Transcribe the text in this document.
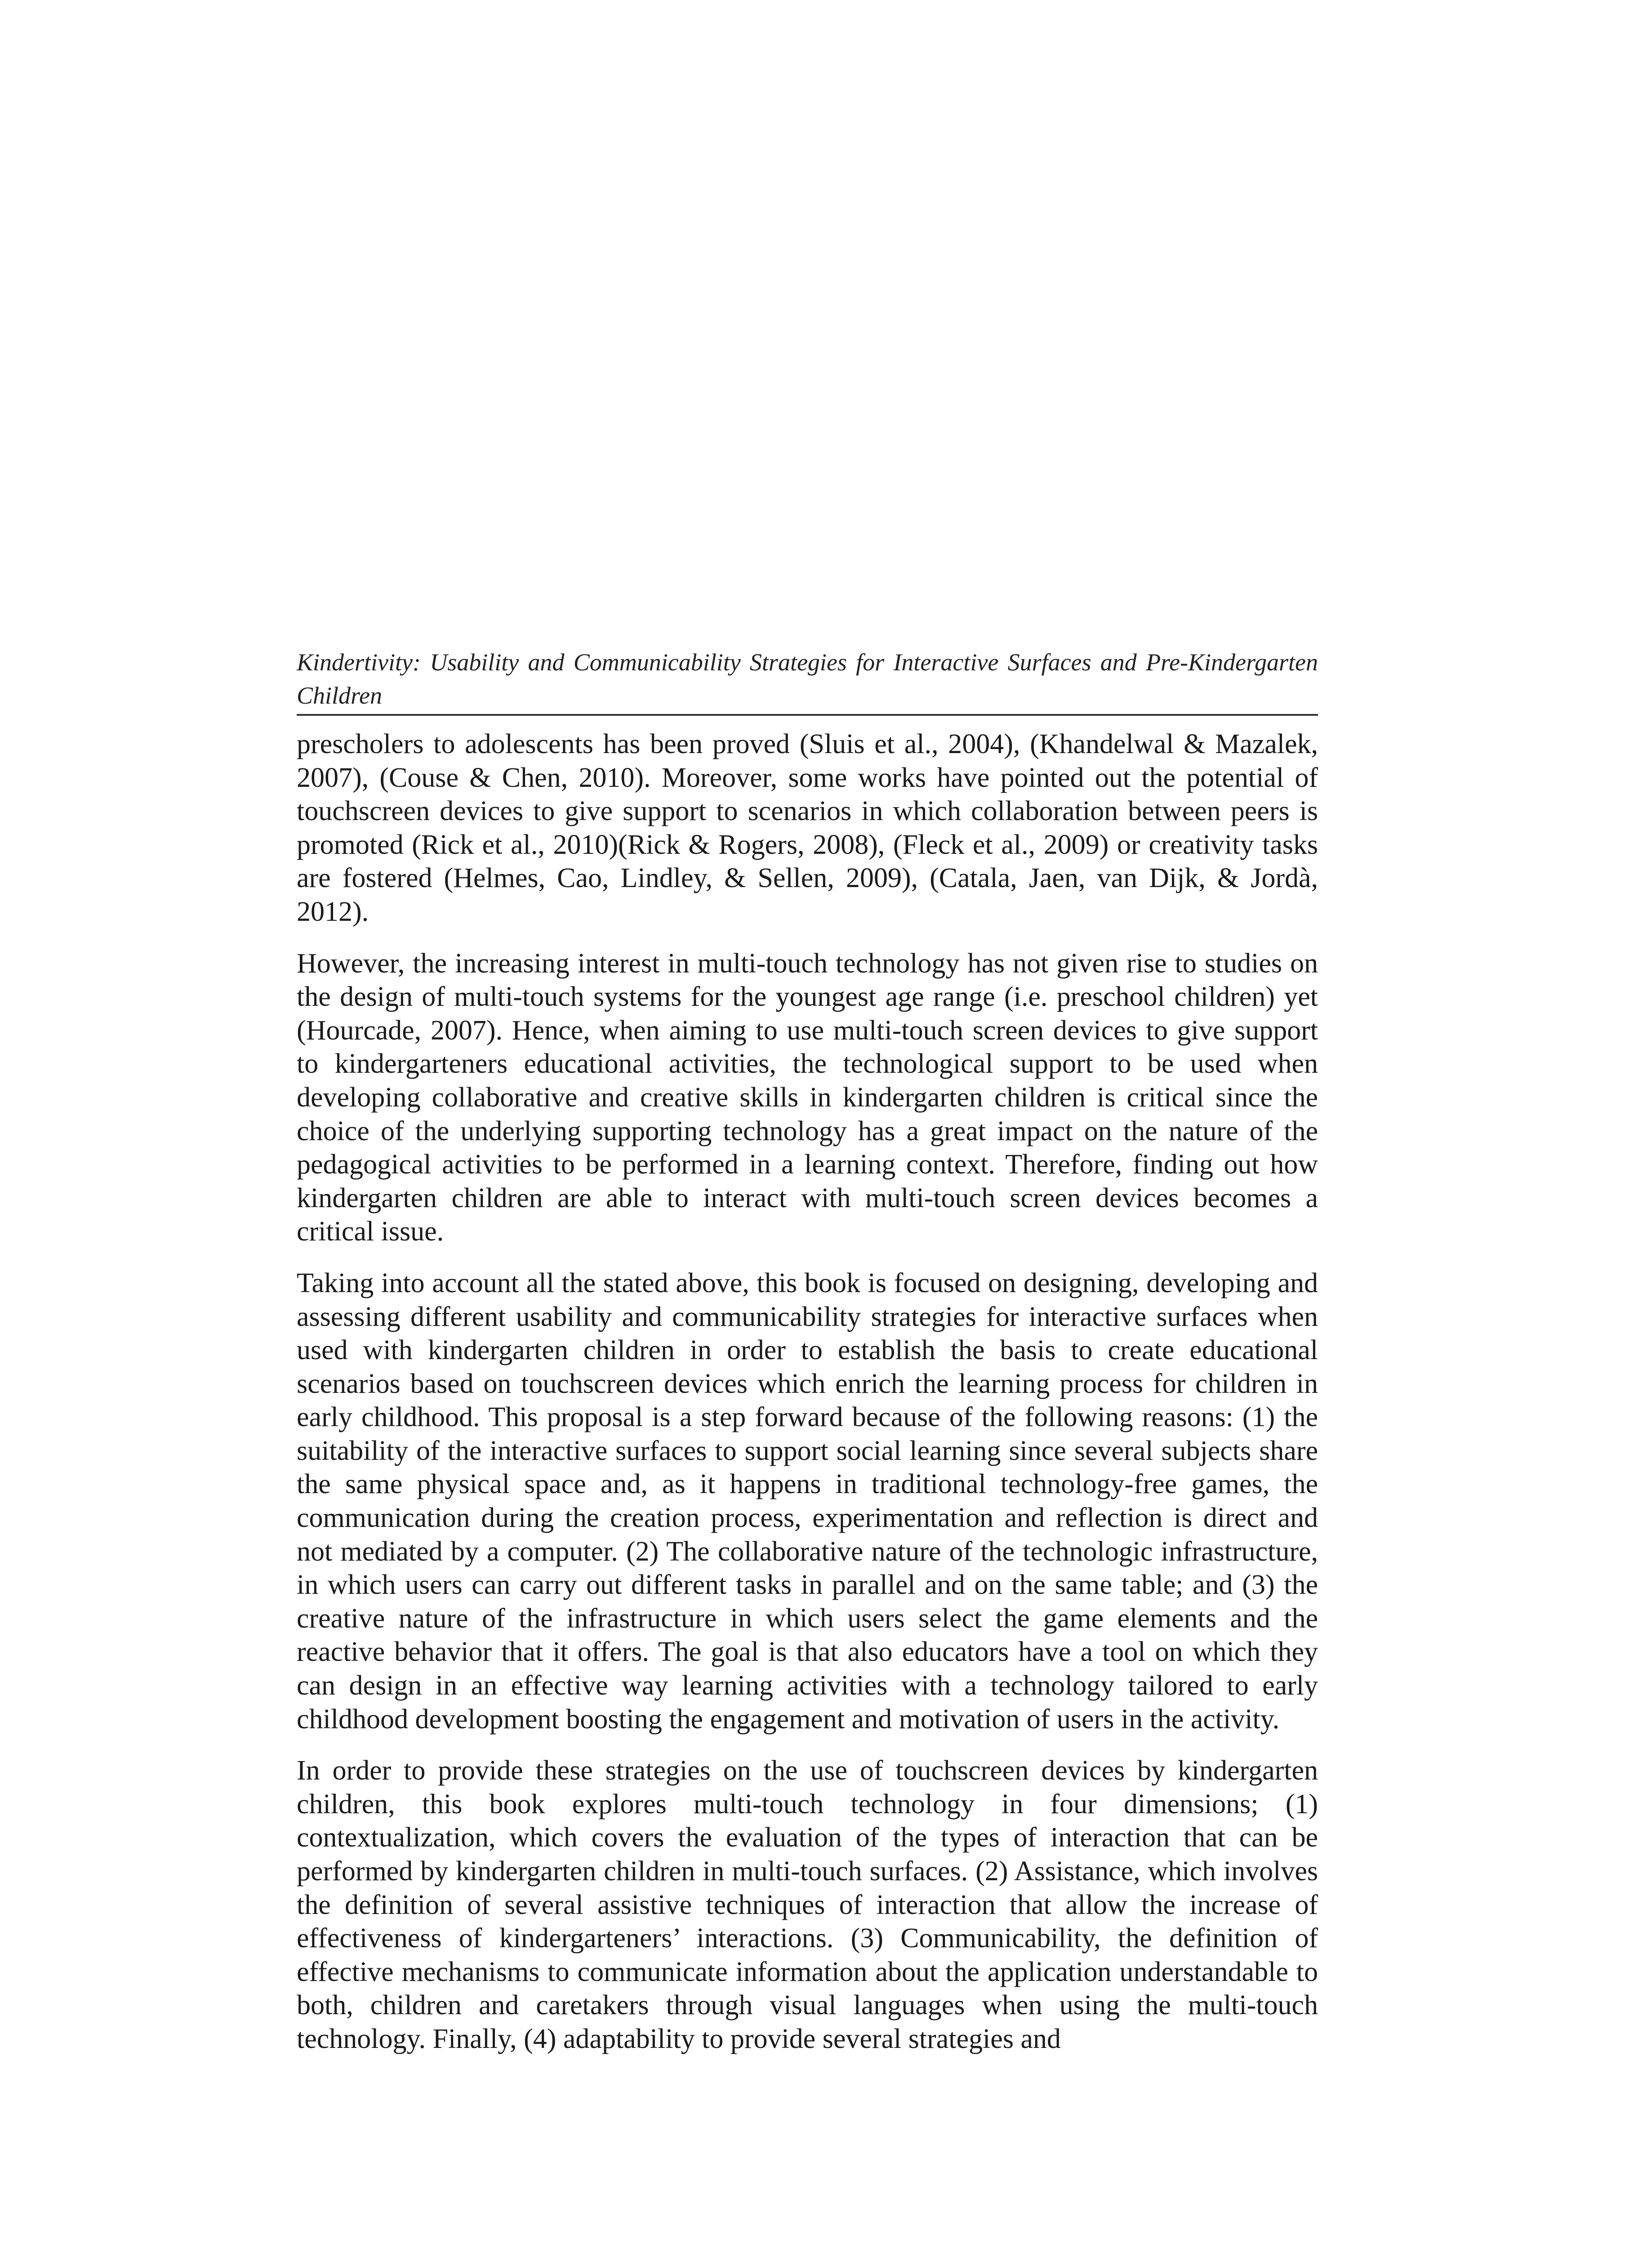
Kindertivity: Usability and Communicability Strategies for Interactive Surfaces and Pre-Kindergarten Children

prescholers to adolescents has been proved (Sluis et al., 2004), (Khandelwal & Mazalek, 2007), (Couse & Chen, 2010). Moreover, some works have pointed out the potential of touchscreen devices to give support to scenarios in which collaboration between peers is promoted (Rick et al., 2010)(Rick & Rogers, 2008), (Fleck et al., 2009) or creativity tasks are fostered (Helmes, Cao, Lindley, & Sellen, 2009), (Catala, Jaen, van Dijk, & Jordà, 2012).

However, the increasing interest in multi-touch technology has not given rise to studies on the design of multi-touch systems for the youngest age range (i.e. preschool children) yet (Hourcade, 2007). Hence, when aiming to use multi-touch screen devices to give support to kindergarteners educational activities, the technological support to be used when developing collaborative and creative skills in kindergarten children is critical since the choice of the underlying supporting technology has a great impact on the nature of the pedagogical activities to be performed in a learning context. Therefore, finding out how kindergarten children are able to interact with multi-touch screen devices becomes a critical issue.

Taking into account all the stated above, this book is focused on designing, developing and assessing different usability and communicability strategies for interactive surfaces when used with kindergarten children in order to establish the basis to create educational scenarios based on touchscreen devices which enrich the learning process for children in early childhood. This proposal is a step forward because of the following reasons: (1) the suitability of the interactive surfaces to support social learning since several subjects share the same physical space and, as it happens in traditional technology-free games, the communication during the creation process, experimentation and reflection is direct and not mediated by a computer. (2) The collaborative nature of the technologic infrastructure, in which users can carry out different tasks in parallel and on the same table; and (3) the creative nature of the infrastructure in which users select the game elements and the reactive behavior that it offers. The goal is that also educators have a tool on which they can design in an effective way learning activities with a technology tailored to early childhood development boosting the engagement and motivation of users in the activity.

In order to provide these strategies on the use of touchscreen devices by kindergarten children, this book explores multi-touch technology in four dimensions; (1) contextualization, which covers the evaluation of the types of interaction that can be performed by kindergarten children in multi-touch surfaces. (2) Assistance, which involves the definition of several assistive techniques of interaction that allow the increase of effectiveness of kindergarteners’ interactions. (3) Communicability, the definition of effective mechanisms to communicate information about the application understandable to both, children and caretakers through visual languages when using the multi-touch technology. Finally, (4) adaptability to provide several strategies and
